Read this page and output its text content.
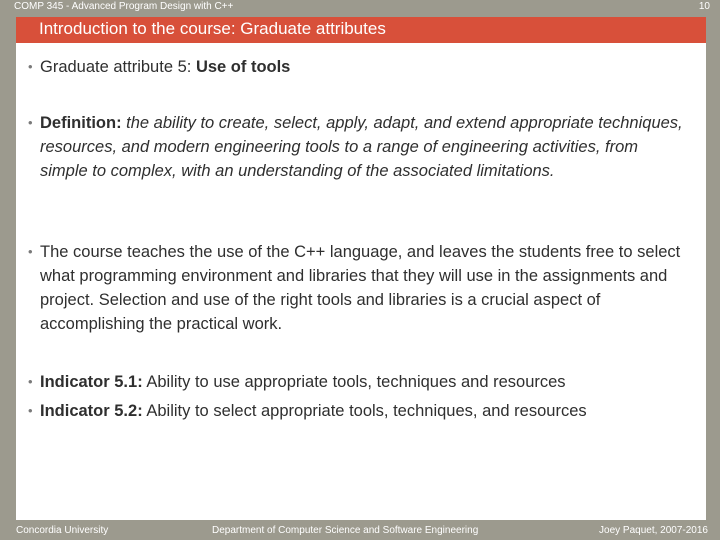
COMP 345 - Advanced Program Design with C++	10
Introduction to the course: Graduate attributes
• Graduate attribute 5: Use of tools
• Definition: the ability to create, select, apply, adapt, and extend appropriate techniques, resources, and modern engineering tools to a range of engineering activities, from simple to complex, with an understanding of the associated limitations.
• The course teaches the use of the C++ language, and leaves the students free to select what programming environment and libraries that they will use in the assignments and project. Selection and use of the right tools and libraries is a crucial aspect of accomplishing the practical work.
• Indicator 5.1: Ability to use appropriate tools, techniques and resources
• Indicator 5.2: Ability to select appropriate tools, techniques, and resources
Concordia University	Department of Computer Science and Software Engineering	Joey Paquet, 2007-2016
